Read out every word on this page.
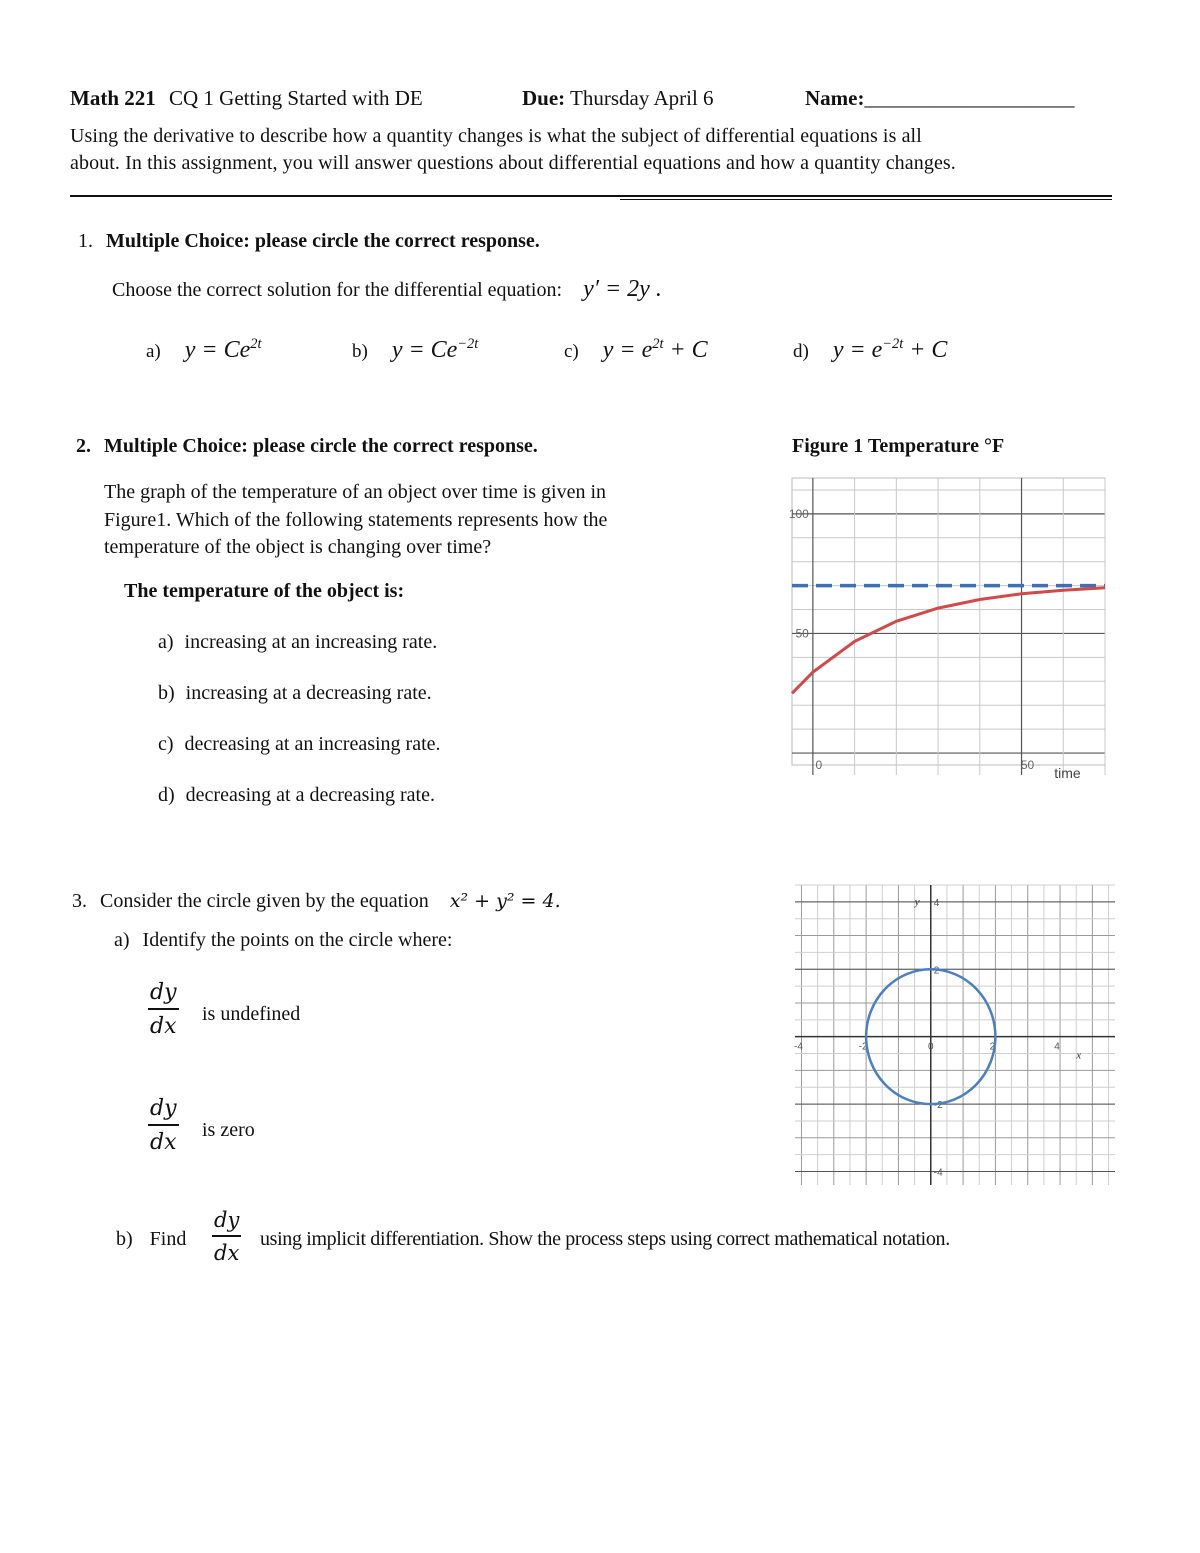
Math 221 CQ 1 Getting Started with DE	Due: Thursday April 6	Name:____________________
Using the derivative to describe how a quantity changes is what the subject of differential equations is all
about. In this assignment, you will answer questions about differential equations and how a quantity changes.
1. Multiple Choice: please circle the correct response.
Choose the correct solution for the differential equation: y′ = 2y .
a) $y = Ce^{2t}$	b) $y = Ce^{-2t}$	c) $y = e^{2t} + C$	d) $y = e^{-2t} + C$
2. Multiple Choice: please circle the correct response.	Figure 1 Temperature °F
The graph of the temperature of an object over time is given in
Figure1. Which of the following statements represents how the
temperature of the object is changing over time?
The temperature of the object is:
a) increasing at an increasing rate.
b) increasing at a decreasing rate.
c) decreasing at an increasing rate.
d) decreasing at a decreasing rate.
50
100
0	50 time
3. Consider the circle given by the equation x² + y² = 4.
a) Identify the points on the circle where:
$\frac{dy}{dx}$ is undefined
$\frac{dy}{dx}$ is zero
-4	-2	0	2	4
-4
-2
2
4
x
y
b) Find $\frac{dy}{dx}$ using implicit differentiation. Show the process steps using correct mathematical notation.
